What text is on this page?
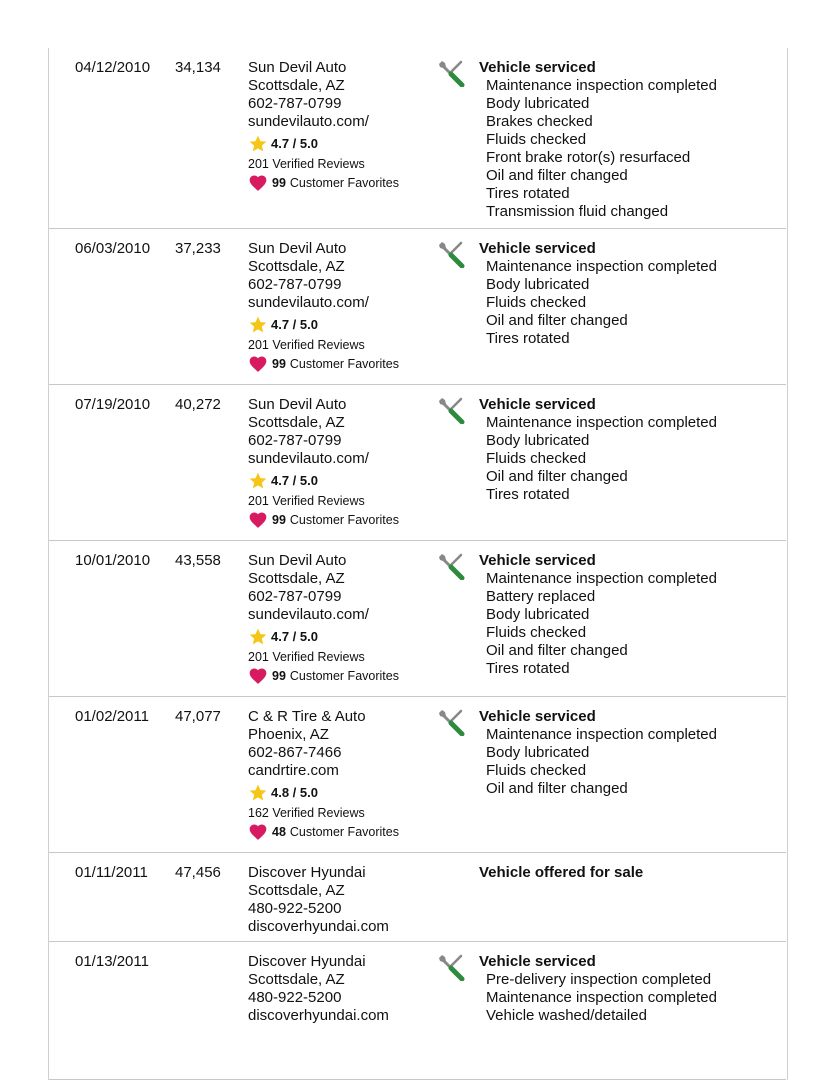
04/12/2010 34,134 Sun Devil Auto
Scottsdale, AZ
602-787-0799
sundevilauto.com/
4.7 / 5.0
201 Verified Reviews
99 Customer Favorites
Vehicle serviced
Maintenance inspection completed
Body lubricated
Brakes checked
Fluids checked
Front brake rotor(s) resurfaced
Oil and filter changed
Tires rotated
Transmission fluid changed
06/03/2010 37,233 Sun Devil Auto
Scottsdale, AZ
602-787-0799
sundevilauto.com/
4.7 / 5.0
201 Verified Reviews
99 Customer Favorites
Vehicle serviced
Maintenance inspection completed
Body lubricated
Fluids checked
Oil and filter changed
Tires rotated
07/19/2010 40,272 Sun Devil Auto
Scottsdale, AZ
602-787-0799
sundevilauto.com/
4.7 / 5.0
201 Verified Reviews
99 Customer Favorites
Vehicle serviced
Maintenance inspection completed
Body lubricated
Fluids checked
Oil and filter changed
Tires rotated
10/01/2010 43,558 Sun Devil Auto
Scottsdale, AZ
602-787-0799
sundevilauto.com/
4.7 / 5.0
201 Verified Reviews
99 Customer Favorites
Vehicle serviced
Maintenance inspection completed
Battery replaced
Body lubricated
Fluids checked
Oil and filter changed
Tires rotated
01/02/2011 47,077 C & R Tire & Auto
Phoenix, AZ
602-867-7466
candrtire.com
4.8 / 5.0
162 Verified Reviews
48 Customer Favorites
Vehicle serviced
Maintenance inspection completed
Body lubricated
Fluids checked
Oil and filter changed
01/11/2011 47,456 Discover Hyundai
Scottsdale, AZ
480-922-5200
discoverhyundai.com
Vehicle offered for sale
01/13/2011	Discover Hyundai
Scottsdale, AZ
480-922-5200
discoverhyundai.com
Vehicle serviced
Pre-delivery inspection completed
Maintenance inspection completed
Vehicle washed/detailed
